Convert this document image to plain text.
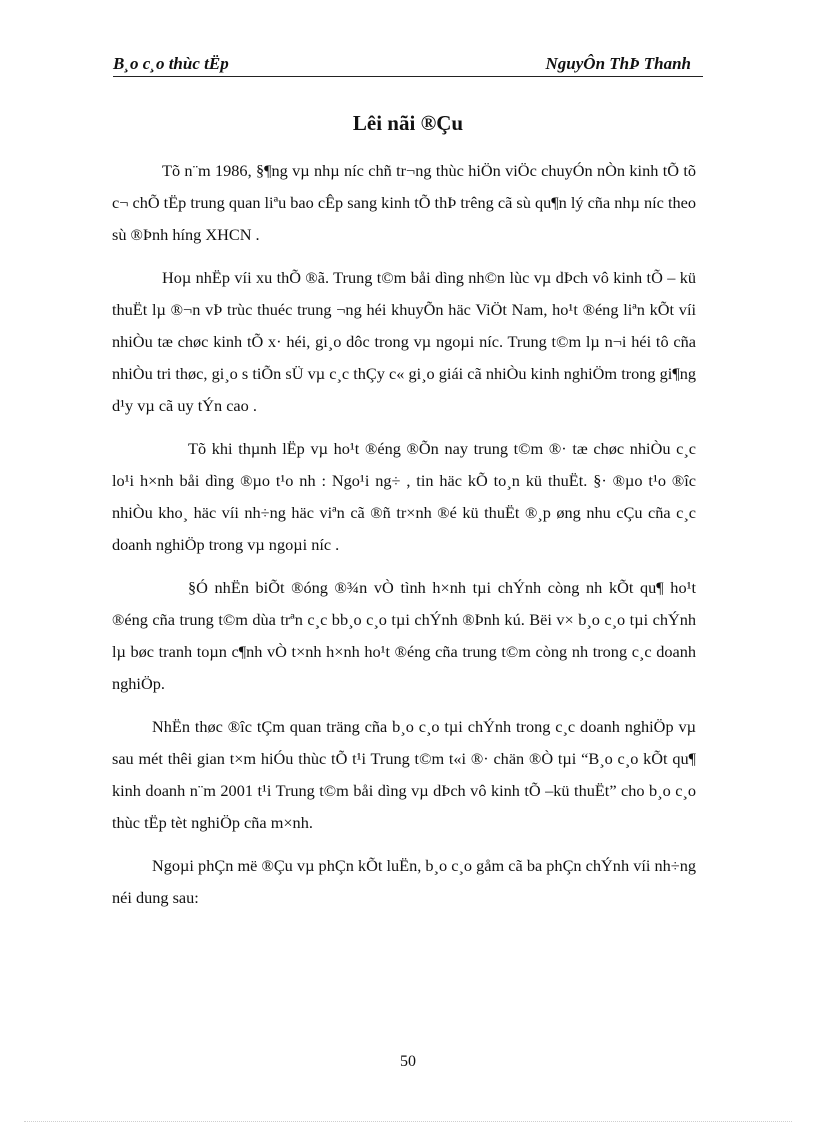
B¸o c¸o thùc tËp	NguyÔn ThÞ Thanh
Lêi nãi ®Çu

Tõ n¨m 1986, §¶ng vµ nhµ níc chñ tr¬ng thùc hiÖn viÖc chuyÓn nÒn kinh tÕ tõ c¬ chÕ tËp trung quan liªu bao cÊp sang kinh tÕ thÞ trêng cã sù qu¶n lý cña nhµ níc theo sù ®Þnh híng XHCN .

Hoµ nhËp víi xu thÕ ®ã. Trung t©m båi dìng nh©n lùc vµ dÞch vô kinh tÕ – kü thuËt lµ ®¬n vÞ trùc thuéc trung ¬ng héi khuyÕn häc ViÖt Nam, ho¹t ®éng liªn kÕt víi nhiÒu tæ chøc kinh tÕ x· héi, gi¸o dôc trong vµ ngoµi níc. Trung t©m lµ n¬i héi tô cña nhiÒu tri thøc, gi¸o s tiÕn sÜ vµ c¸c thÇy c« gi¸o giái cã nhiÒu kinh nghiÖm trong gi¶ng d¹y vµ cã uy tÝn cao .

Tõ khi thµnh lËp vµ ho¹t ®éng ®Õn nay trung t©m ®· tæ chøc nhiÒu c¸c lo¹i h×nh båi dìng ®µo t¹o nh : Ngo¹i ng÷ , tin häc kÕ to¸n kü thuËt. §· ®µo t¹o ®îc nhiÒu kho¸ häc víi nh÷ng häc viªn cã ®ñ tr×nh ®é kü thuËt ®¸p øng nhu cÇu cña c¸c doanh nghiÖp trong vµ ngoµi níc .

§Ó nhËn biÕt ®óng ®¾n vÒ tình h×nh tµi chÝnh còng nh kÕt qu¶ ho¹t ®éng cña trung t©m dùa trªn c¸c bb¸o c¸o tµi chÝnh ®Þnh kú. Bëi v× b¸o c¸o tµi chÝnh lµ bøc tranh toµn c¶nh vÒ t×nh h×nh ho¹t ®éng cña trung t©m còng nh trong c¸c doanh nghiÖp.

NhËn thøc ®îc tÇm quan träng cña b¸o c¸o tµi chÝnh trong c¸c doanh nghiÖp vµ sau mét thêi gian t×m hiÓu thùc tÕ t¹i Trung t©m t«i ®· chän ®Ò tµi “B¸o c¸o kÕt qu¶ kinh doanh n¨m 2001 t¹i Trung t©m båi dìng vµ dÞch vô kinh tÕ –kü thuËt” cho b¸o c¸o thùc tËp tèt nghiÖp cña m×nh.

Ngoµi phÇn më ®Çu vµ phÇn kÕt luËn, b¸o c¸o gåm cã ba phÇn chÝnh víi nh÷ng néi dung sau:

50
